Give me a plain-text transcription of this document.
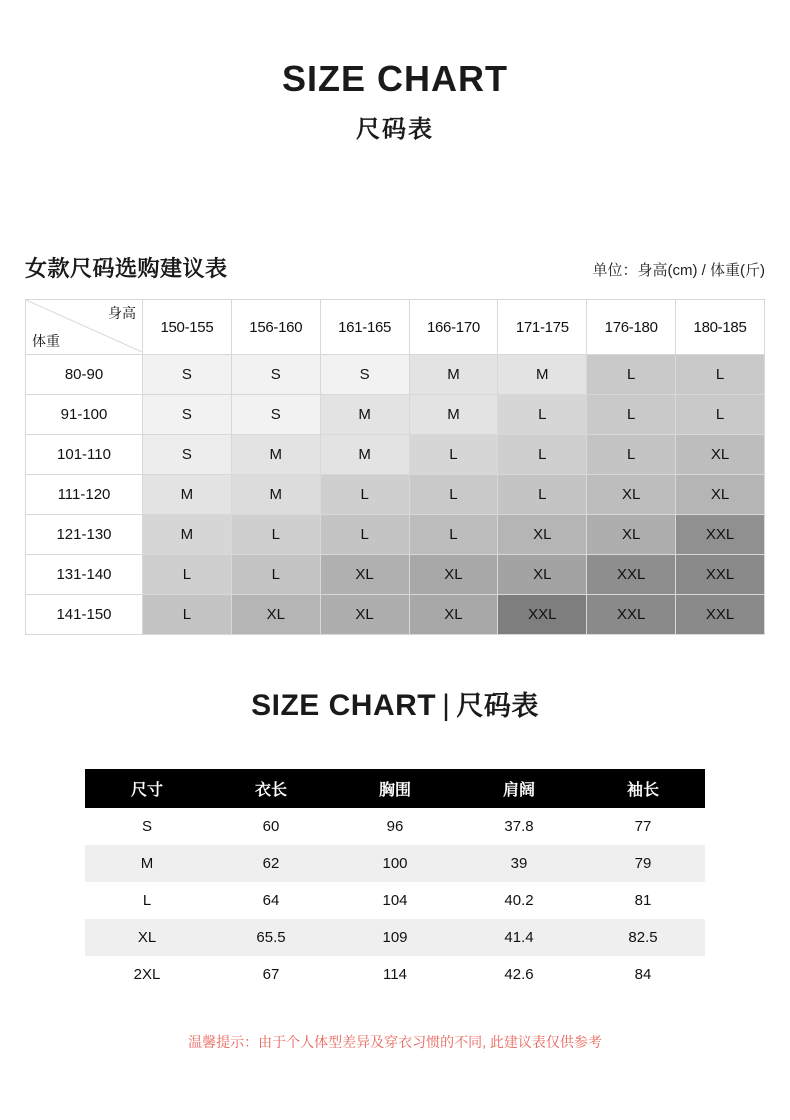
SIZE CHART
尺码表
女款尺码选购建议表	单位：身高(cm) / 体重(斤)
身高
体重	150-155	156-160	161-165	166-170	171-175	176-180	180-185
80-90	S	S	S	M	M	L	L
91-100	S	S	M	M	L	L	L
101-110	S	M	M	L	L	L	XL
111-120	M	M	L	L	L	XL	XL
121-130	M	L	L	L	XL	XL	XXL
131-140	L	L	XL	XL	XL	XXL	XXL
141-150	L	XL	XL	XL	XXL	XXL	XXL
SIZE CHART | 尺码表
尺寸	衣长	胸围	肩阔	袖长
S	60	96	37.8	77
M	62	100	39	79
L	64	104	40.2	81
XL	65.5	109	41.4	82.5
2XL	67	114	42.6	84
温馨提示：由于个人体型差异及穿衣习惯的不同, 此建议表仅供参考
